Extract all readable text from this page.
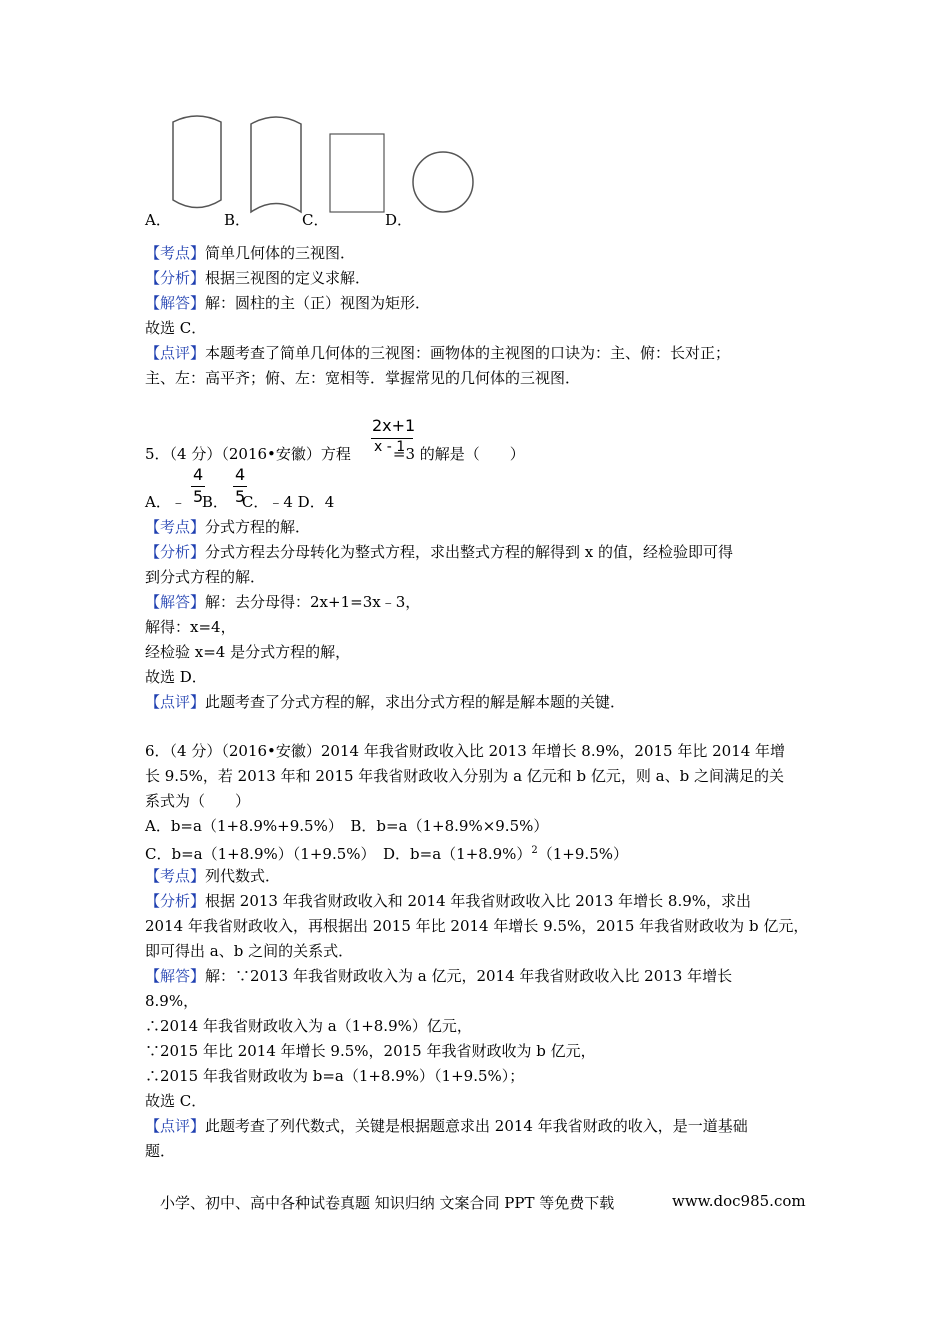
A．	B．	C．	D．
【考点】简单几何体的三视图．
【分析】根据三视图的定义求解．
【解答】解：圆柱的主（正）视图为矩形．
故选 C．
【点评】本题考查了简单几何体的三视图：画物体的主视图的口诀为：主、俯：长对正；
主、左：高平齐；俯、左：宽相等．掌握常见的几何体的三视图．
5．（4 分）（2016•安徽）方程	=3 的解是（　　）
2x+1
x - 1
A．﹣ B． C．﹣4 D．4
4
5
4
5
【考点】分式方程的解．
【分析】分式方程去分母转化为整式方程，求出整式方程的解得到 x 的值，经检验即可得
到分式方程的解．
【解答】解：去分母得：2x+1=3x﹣3，
解得：x=4，
经检验 x=4 是分式方程的解，
故选 D．
【点评】此题考查了分式方程的解，求出分式方程的解是解本题的关键．
6．（4 分）（2016•安徽）2014 年我省财政收入比 2013 年增长 8.9%，2015 年比 2014 年增
长 9.5%，若 2013 年和 2015 年我省财政收入分别为 a 亿元和 b 亿元，则 a、b 之间满足的关
系式为（　　）
A．b=a（1+8.9%+9.5%）　B．b=a（1+8.9%×9.5%）
C．b=a（1+8.9%）（1+9.5%）　D．$b=a(1+8.9\%)^2(1+9.5\%)$
【考点】列代数式．
【分析】根据 2013 年我省财政收入和 2014 年我省财政收入比 2013 年增长 8.9%，求出
2014 年我省财政收入，再根据出 2015 年比 2014 年增长 9.5%，2015 年我省财政收为 b 亿元，
即可得出 a、b 之间的关系式．
【解答】解：∵2013 年我省财政收入为 a 亿元，2014 年我省财政收入比 2013 年增长
8.9%，
∴2014 年我省财政收入为 a（1+8.9%）亿元，
∵2015 年比 2014 年增长 9.5%，2015 年我省财政收为 b 亿元，
∴2015 年我省财政收为 b=a（1+8.9%）（1+9.5%）；
故选 C．
【点评】此题考查了列代数式，关键是根据题意求出 2014 年我省财政的收入，是一道基础
题．
小学、初中、高中各种试卷真题 知识归纳 文案合同 PPT 等免费下载	www.doc985.com
